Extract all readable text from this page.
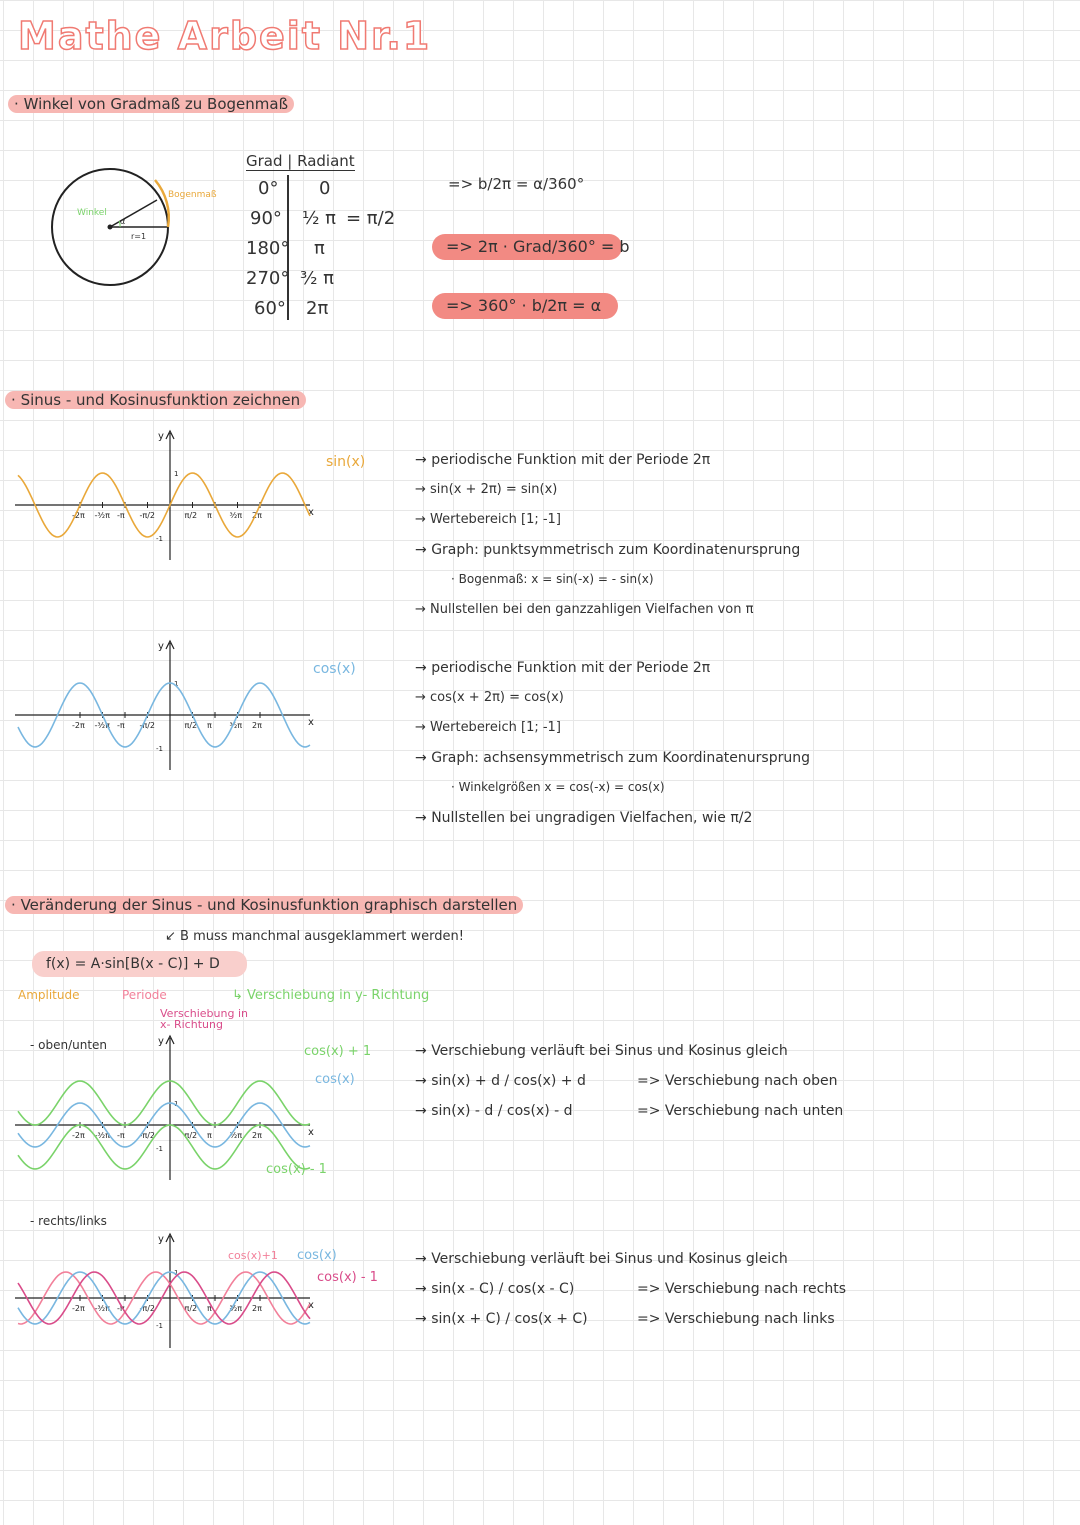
Mathe Arbeit Nr.1
· Winkel von Gradmaß zu Bogenmaß
Winkel
α
r=1
Bogenmaß
Grad | Radiant
0° 0
90° ½ π = π/2
180° π
270° ³⁄₂ π
60° 2π
=> b/2π = α/360°
=> 2π · Grad/360° = b
=> 360° · b/2π = α
· Sinus - und Kosinusfunktion zeichnen
y
x
-2π -³⁄₂π -π -π/2	π/2 π ³⁄₂π 2π
1
-1
sin(x)
y
x
-2π -³⁄₂π -π -π/2	π/2 π ³⁄₂π 2π
1
-1
cos(x)
→ periodische Funktion mit der Periode 2π
→ sin(x + 2π) = sin(x)
→ Wertebereich [1; -1]
→ Graph: punktsymmetrisch zum Koordinatenursprung
· Bogenmaß: x = sin(-x) = - sin(x)
→ Nullstellen bei den ganzzahligen Vielfachen von π
→ periodische Funktion mit der Periode 2π
→ cos(x + 2π) = cos(x)
→ Wertebereich [1; -1]
→ Graph: achsensymmetrisch zum Koordinatenursprung
· Winkelgrößen x = cos(-x) = cos(x)
→ Nullstellen bei ungradigen Vielfachen, wie π/2
· Veränderung der Sinus - und Kosinusfunktion graphisch darstellen
↙ B muss manchmal ausgeklammert werden!
f(x) = A·sin[B(x - C)] + D
Amplitude	Periode
Verschiebung in x- Richtung
↳ Verschiebung in y- Richtung
- oben/unten	y
x
-2π -³⁄₂π -π -π/2	π/2 π ³⁄₂π 2π
1
-1
cos(x) + 1
cos(x)
cos(x) - 1
→ Verschiebung verläuft bei Sinus und Kosinus gleich
→ sin(x) + d / cos(x) + d	=> Verschiebung nach oben
→ sin(x) - d / cos(x) - d	=> Verschiebung nach unten
- rechts/links
y
x
-2π -³⁄₂π -π -π/2	π/2 π ³⁄₂π 2π
1
-1
cos(x)+1 cos(x)
cos(x) - 1
→ Verschiebung verläuft bei Sinus und Kosinus gleich
→ sin(x - C) / cos(x - C)	=> Verschiebung nach rechts
→ sin(x + C) / cos(x + C)	=> Verschiebung nach links
